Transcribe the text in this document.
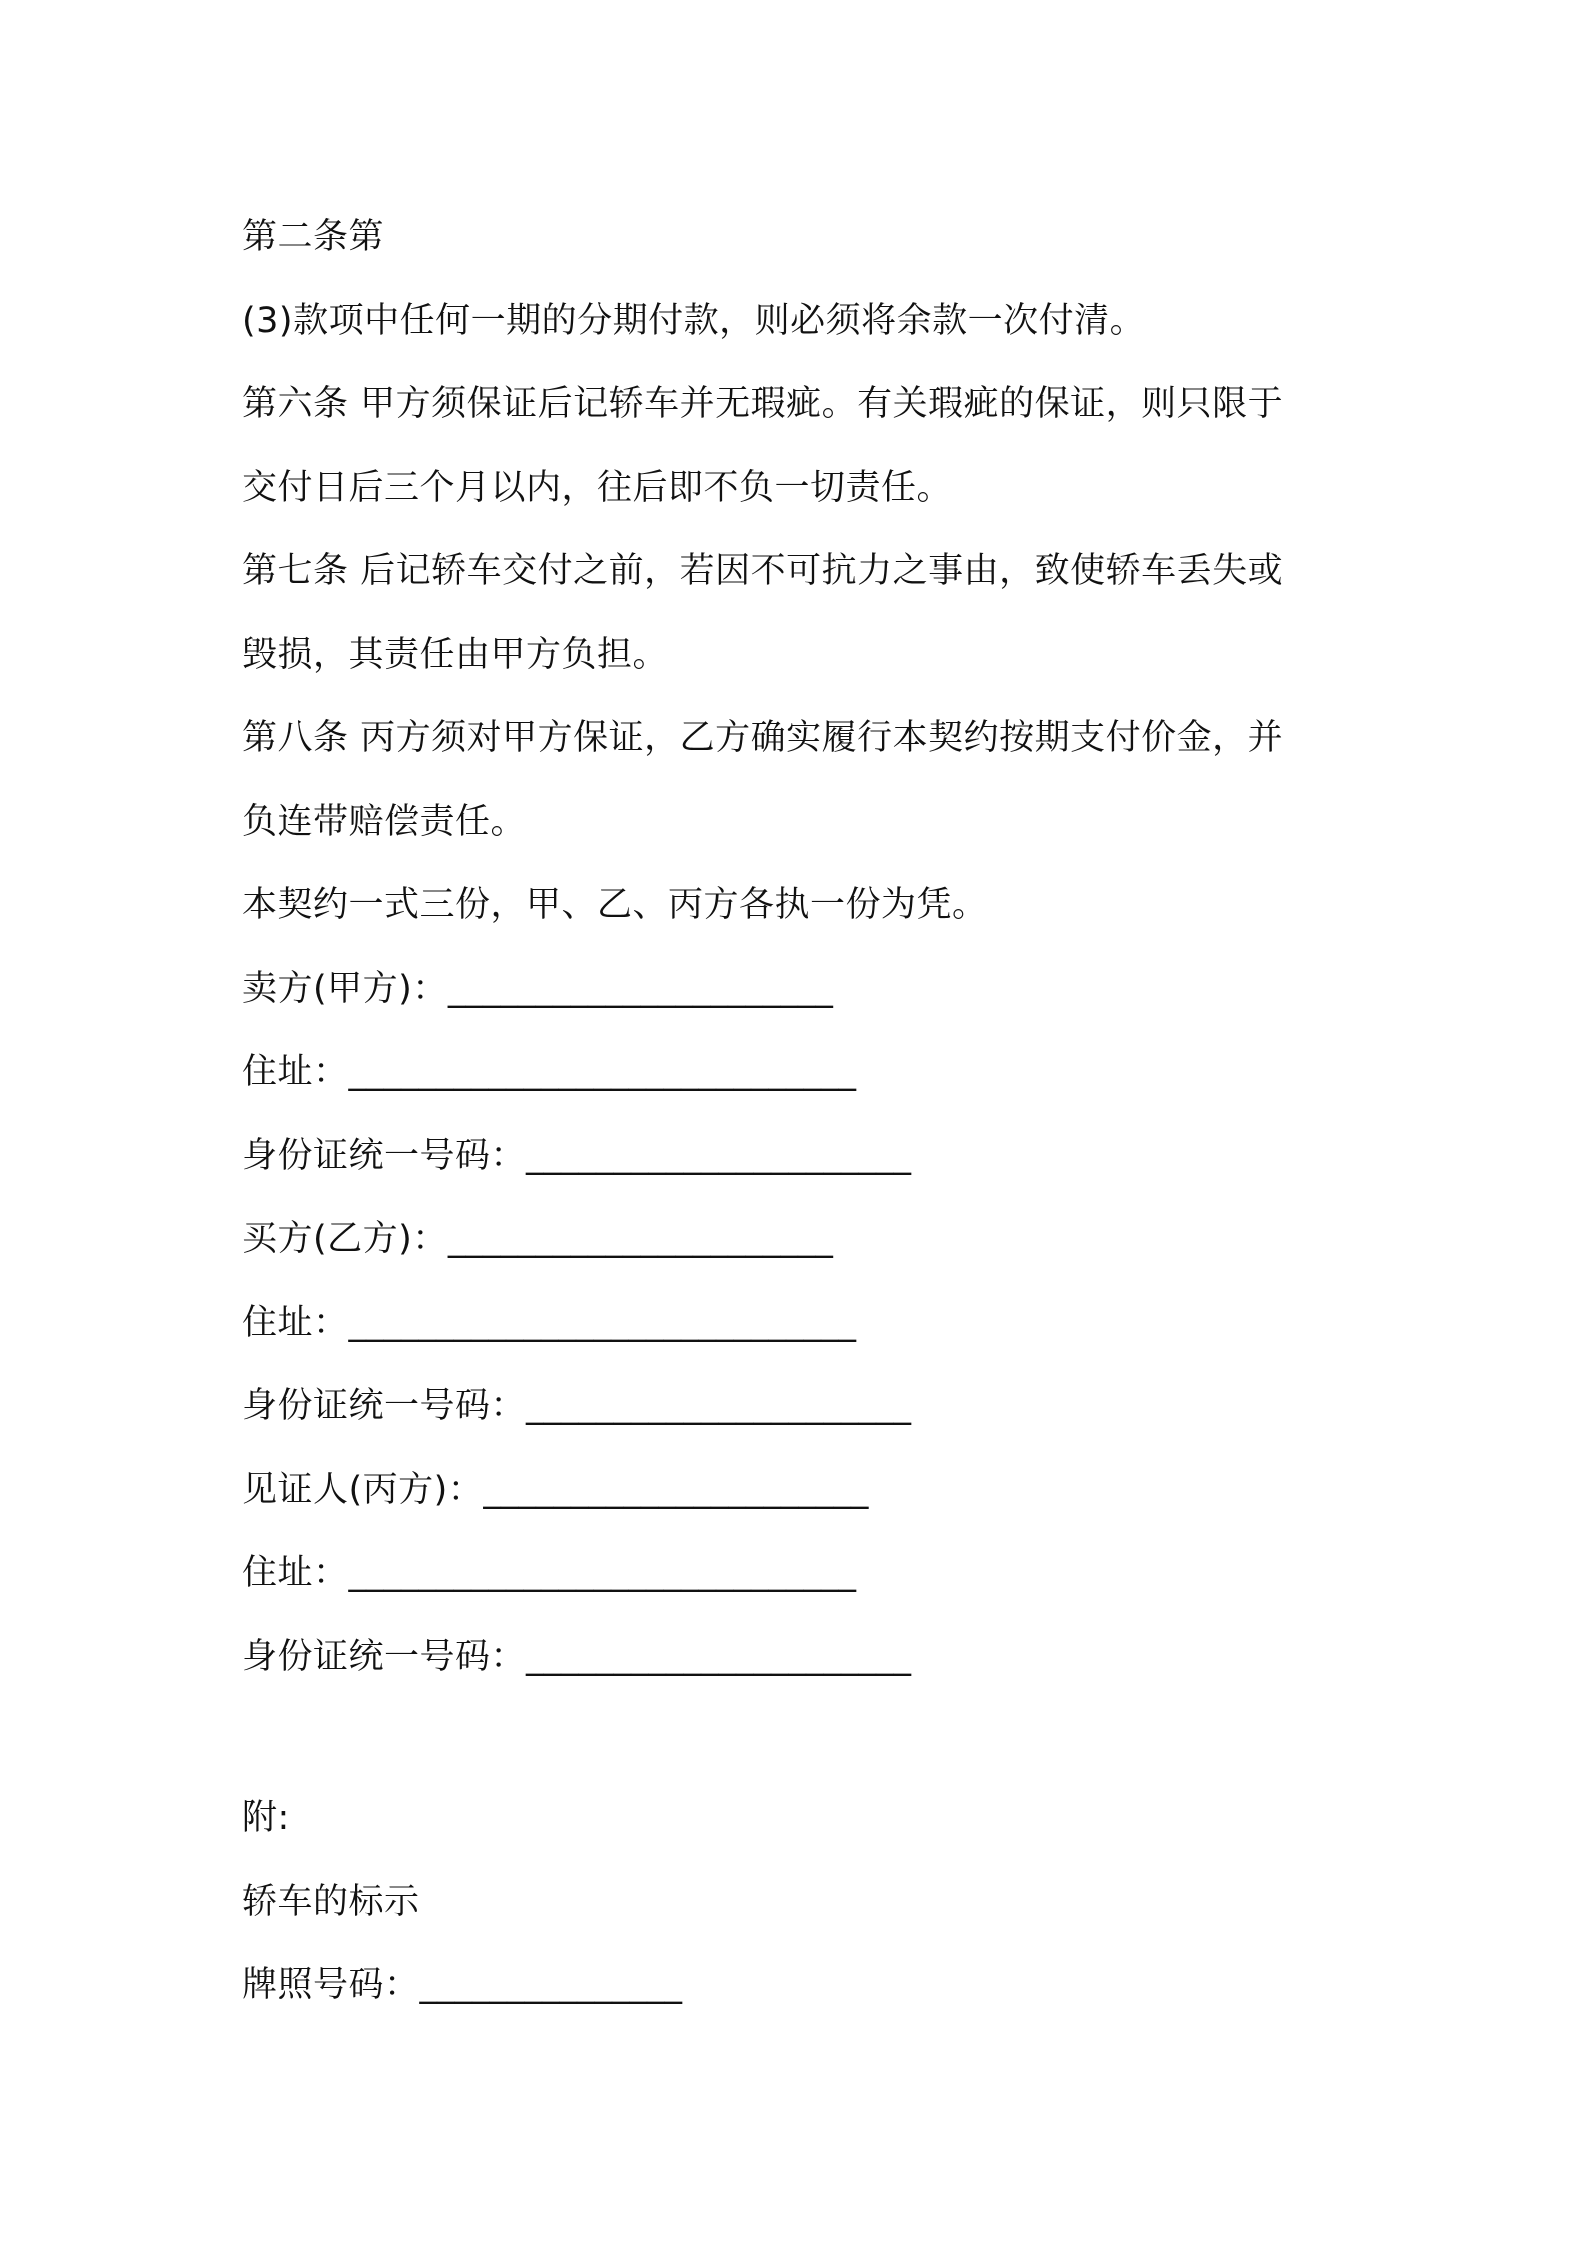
第二条第
(3)款项中任何一期的分期付款，则必须将余款一次付清。
第六条 甲方须保证后记轿车并无瑕疵。有关瑕疵的保证，则只限于
交付日后三个月以内，往后即不负一切责任。
第七条 后记轿车交付之前，若因不可抗力之事由，致使轿车丢失或
毁损，其责任由甲方负担。
第八条 丙方须对甲方保证，乙方确实履行本契约按期支付价金，并
负连带赔偿责任。
本契约一式三份，甲、乙、丙方各执一份为凭。
卖方(甲方)：______________________
住址：_____________________________
身份证统一号码：______________________
买方(乙方)：______________________
住址：_____________________________
身份证统一号码：______________________
见证人(丙方)：______________________
住址：_____________________________
身份证统一号码：______________________
附:
轿车的标示
牌照号码：_______________
